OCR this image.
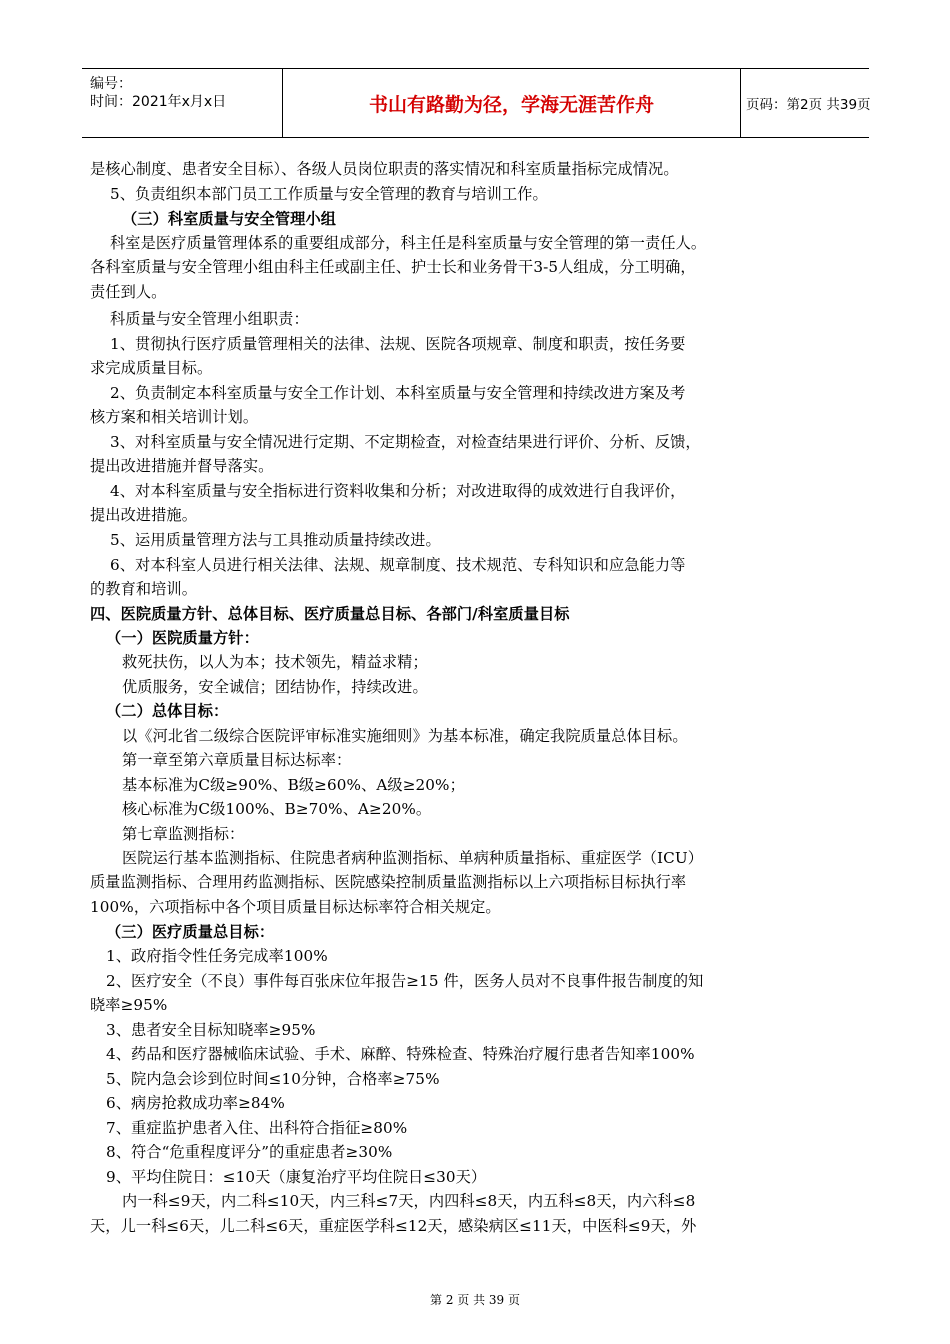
编号：
时间：2021年x月x日	书山有路勤为径，学海无涯苦作舟	页码：第2页 共39页
是核心制度、患者安全目标）、各级人员岗位职责的落实情况和科室质量指标完成情况。
5、负责组织本部门员工工作质量与安全管理的教育与培训工作。
（三）科室质量与安全管理小组
科室是医疗质量管理体系的重要组成部分，科主任是科室质量与安全管理的第一责任人。
各科室质量与安全管理小组由科主任或副主任、护士长和业务骨干3-5人组成，分工明确，
责任到人。
科质量与安全管理小组职责：
1、贯彻执行医疗质量管理相关的法律、法规、医院各项规章、制度和职责，按任务要
求完成质量目标。
2、负责制定本科室质量与安全工作计划、本科室质量与安全管理和持续改进方案及考
核方案和相关培训计划。
3、对科室质量与安全情况进行定期、不定期检查，对检查结果进行评价、分析、反馈，
提出改进措施并督导落实。
4、对本科室质量与安全指标进行资料收集和分析；对改进取得的成效进行自我评价，
提出改进措施。
5、运用质量管理方法与工具推动质量持续改进。
6、对本科室人员进行相关法律、法规、规章制度、技术规范、专科知识和应急能力等
的教育和培训。
四、医院质量方针、总体目标、医疗质量总目标、各部门/科室质量目标
（一）医院质量方针：
救死扶伤，以人为本；技术领先，精益求精；
优质服务，安全诚信；团结协作，持续改进。
（二）总体目标：
以《河北省二级综合医院评审标准实施细则》为基本标准，确定我院质量总体目标。
第一章至第六章质量目标达标率：
基本标准为C级≥90%、B级≥60%、A级≥20%；
核心标准为C级100%、B≥70%、A≥20%。
第七章监测指标：
医院运行基本监测指标、住院患者病种监测指标、单病种质量指标、重症医学（ICU）
质量监测指标、合理用药监测指标、医院感染控制质量监测指标以上六项指标目标执行率
100%，六项指标中各个项目质量目标达标率符合相关规定。
（三）医疗质量总目标：
1、政府指令性任务完成率100%
2、医疗安全（不良）事件每百张床位年报告≥15 件，医务人员对不良事件报告制度的知
晓率≥95%
3、患者安全目标知晓率≥95%
4、药品和医疗器械临床试验、手术、麻醉、特殊检查、特殊治疗履行患者告知率100%
5、院内急会诊到位时间≤10分钟，合格率≥75%
6、病房抢救成功率≥84%
7、重症监护患者入住、出科符合指征≥80%
8、符合“危重程度评分”的重症患者≥30%
9、平均住院日：≤10天（康复治疗平均住院日≤30天）
内一科≤9天，内二科≤10天，内三科≤7天，内四科≤8天，内五科≤8天，内六科≤8
天，儿一科≤6天，儿二科≤6天，重症医学科≤12天，感染病区≤11天，中医科≤9天，外
第 2 页 共 39 页
